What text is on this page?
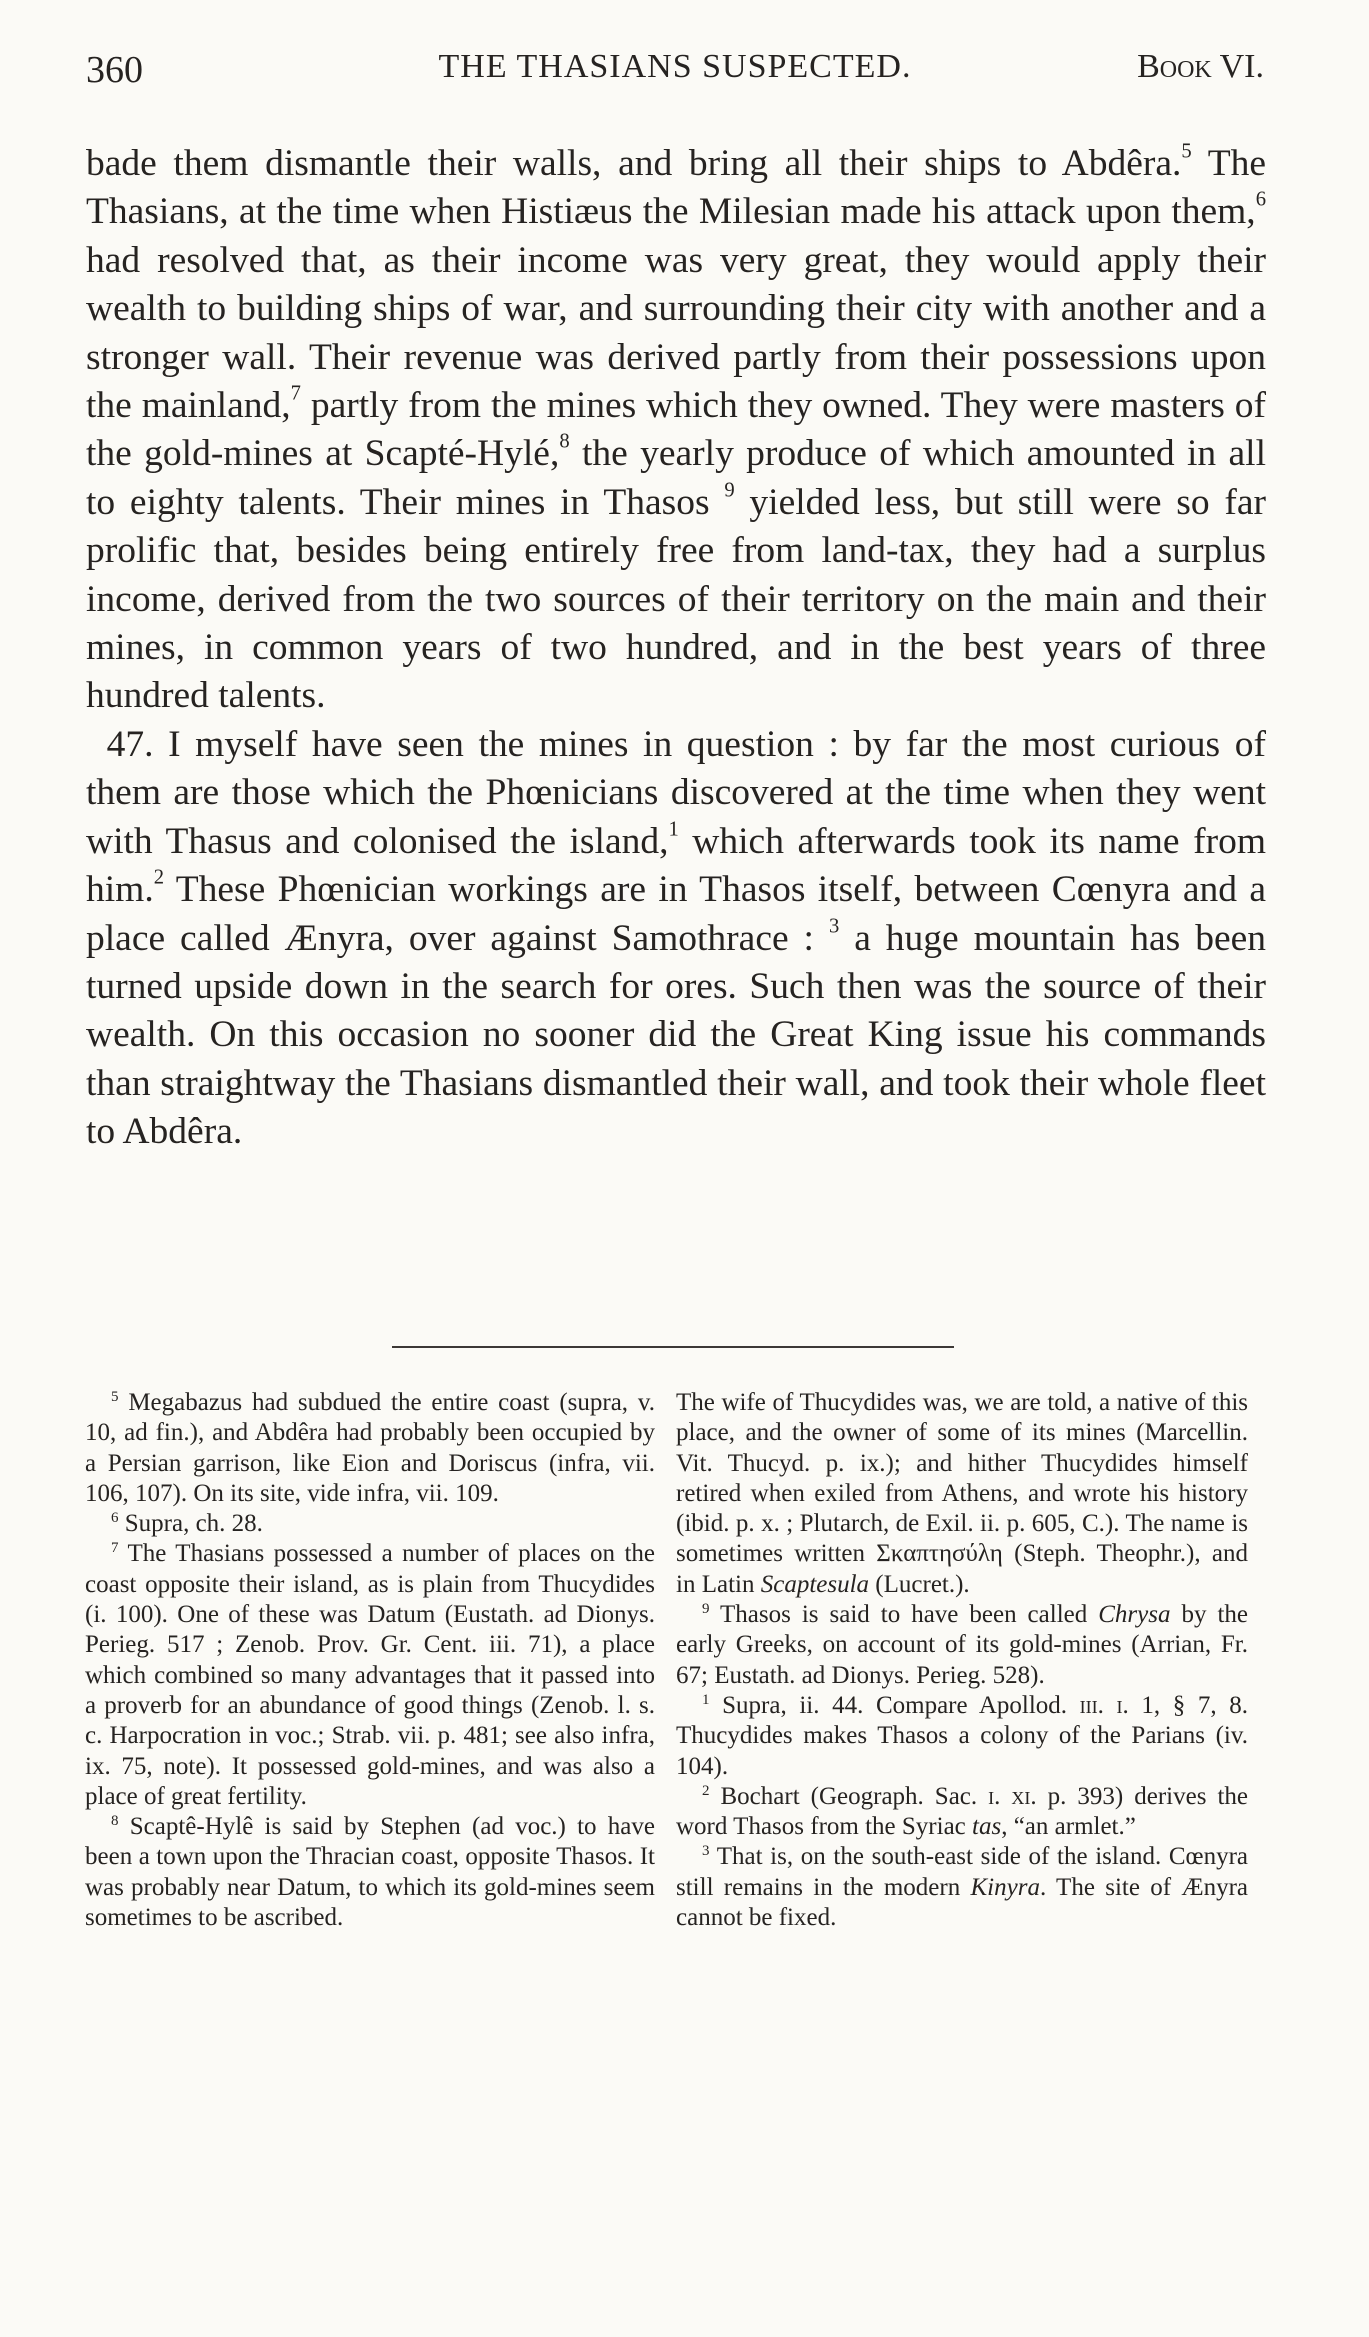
360	THE THASIANS SUSPECTED.	Book VI.

bade them dismantle their walls, and bring all their ships to Abdêra.$^5$ The Thasians, at the time when Histiæus the Milesian made his attack upon them,$^6$ had resolved that, as their income was very great, they would apply their wealth to building ships of war, and surrounding their city with another and a stronger wall. Their revenue was derived partly from their possessions upon the mainland,$^7$ partly from the mines which they owned. They were masters of the gold-mines at Scapté-Hylé,$^8$ the yearly produce of which amounted in all to eighty talents. Their mines in Thasos $^9$ yielded less, but still were so far prolific that, besides being entirely free from land-tax, they had a surplus income, derived from the two sources of their territory on the main and their mines, in common years of two hundred, and in the best years of three hundred talents.

47. I myself have seen the mines in question : by far the most curious of them are those which the Phœnicians discovered at the time when they went with Thasus and colonised the island,$^1$ which afterwards took its name from him.$^2$ These Phœnician workings are in Thasos itself, between Cœnyra and a place called Ænyra, over against Samothrace : $^3$ a huge mountain has been turned upside down in the search for ores. Such then was the source of their wealth. On this occasion no sooner did the Great King issue his commands than straightway the Thasians dismantled their wall, and took their whole fleet to Abdêra.

$^5$ Megabazus had subdued the entire coast (supra, v. 10, ad fin.), and Abdêra had probably been occupied by a Persian garrison, like Eion and Doriscus (infra, vii. 106, 107). On its site, vide infra, vii. 109.

$^6$ Supra, ch. 28.

$^7$ The Thasians possessed a number of places on the coast opposite their island, as is plain from Thucydides (i. 100). One of these was Datum (Eustath. ad Dionys. Perieg. 517 ; Zenob. Prov. Gr. Cent. iii. 71), a place which combined so many advantages that it passed into a proverb for an abundance of good things (Zenob. l. s. c. Harpocration in voc.; Strab. vii. p. 481; see also infra, ix. 75, note). It possessed gold-mines, and was also a place of great fertility.

$^8$ Scaptê-Hylê is said by Stephen (ad voc.) to have been a town upon the Thracian coast, opposite Thasos. It was probably near Datum, to which its gold-mines seem sometimes to be ascribed.

The wife of Thucydides was, we are told, a native of this place, and the owner of some of its mines (Marcellin. Vit. Thucyd. p. ix.); and hither Thucydides himself retired when exiled from Athens, and wrote his history (ibid. p. x. ; Plutarch, de Exil. ii. p. 605, C.). The name is sometimes written Σκαπτησύλη (Steph. Theophr.), and in Latin Scaptesula (Lucret.).

$^9$ Thasos is said to have been called Chrysa by the early Greeks, on account of its gold-mines (Arrian, Fr. 67; Eustath. ad Dionys. Perieg. 528).

$^1$ Supra, ii. 44. Compare Apollod. iii. i. 1, § 7, 8. Thucydides makes Thasos a colony of the Parians (iv. 104).

$^2$ Bochart (Geograph. Sac. i. xi. p. 393) derives the word Thasos from the Syriac tas, “an armlet.”

$^3$ That is, on the south-east side of the island. Cœnyra still remains in the modern Kinyra. The site of Ænyra cannot be fixed.
